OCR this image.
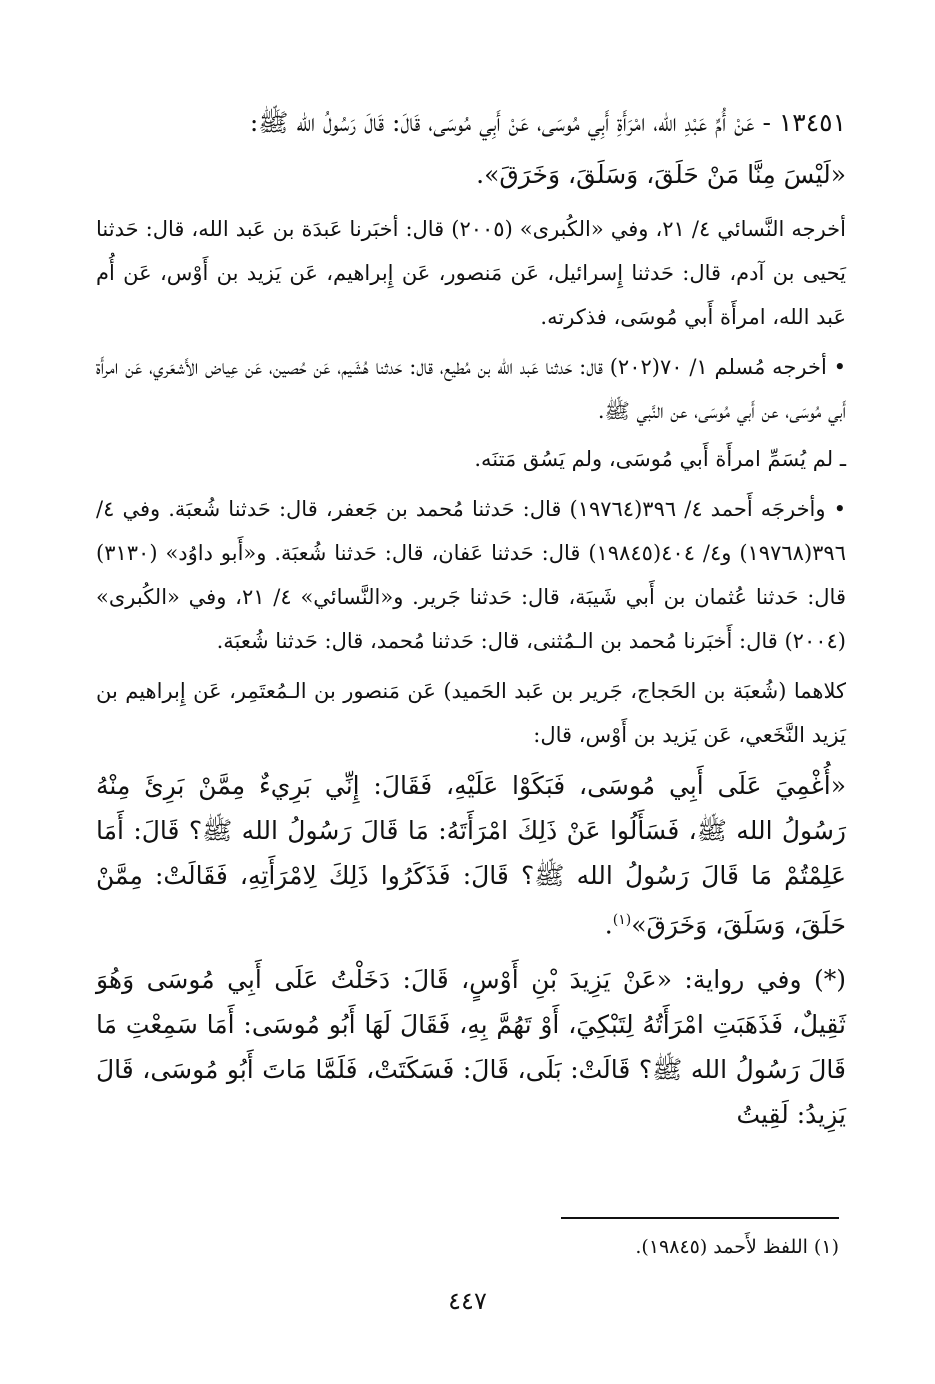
١٣٤٥١ - عَنْ أُمِّ عَبْدِ الله، امْرَأَةِ أَبِي مُوسَى، عَنْ أَبِي مُوسَى، قَالَ: قَالَ رَسُولُ الله ﷺ:

«لَيْسَ مِنَّا مَنْ حَلَقَ، وَسَلَقَ، وَخَرَقَ».

أخرجه النَّسائي ٤/ ٢١، وفي «الكُبرى» (٢٠٠٥) قال: أخبَرنا عَبدَة بن عَبد الله، قال: حَدثنا يَحيى بن آدم، قال: حَدثنا إِسرائيل، عَن مَنصور، عَن إِبراهيم، عَن يَزيد بن أَوْس، عَن أُم عَبد الله، امرأَة أَبي مُوسَى، فذكرته.

• أخرجه مُسلم ١/ ٧٠(٢٠٢) قال: حَدثنا عَبد الله بن مُطيع، قال: حَدثنا هُشَيم، عَن حُصين، عَن عِياض الأَشعَري، عَن امرأَة أَبي مُوسَى، عن أَبي مُوسَى، عن النَّبي ﷺ.

ـ لم يُسَمِّ امرأَة أَبي مُوسَى، ولم يَسُق مَتنَه.

• وأخرجَه أَحمد ٤/ ٣٩٦(١٩٧٦٤) قال: حَدثنا مُحمد بن جَعفر، قال: حَدثنا شُعبَة. وفي ٤/ ٣٩٦(١٩٧٦٨) و٤/ ٤٠٤(١٩٨٤٥) قال: حَدثنا عَفان، قال: حَدثنا شُعبَة. و«أَبو داوُد» (٣١٣٠) قال: حَدثنا عُثمان بن أَبي شَيبَة، قال: حَدثنا جَرير. و«النَّسائي» ٤/ ٢١، وفي «الكُبرى» (٢٠٠٤) قال: أَخبَرنا مُحمد بن الـمُثنى، قال: حَدثنا مُحمد، قال: حَدثنا شُعبَة.

كلاهما (شُعبَة بن الحَجاج، جَرير بن عَبد الحَميد) عَن مَنصور بن الـمُعتَمِر، عَن إِبراهيم بن يَزيد النَّخَعي، عَن يَزيد بن أَوْس، قال:

«أُغْمِيَ عَلَى أَبِي مُوسَى، فَبَكَوْا عَلَيْهِ، فَقَالَ: إِنِّي بَرِيءٌ مِمَّنْ بَرِئَ مِنْهُ رَسُولُ الله ﷺ، فَسَأَلُوا عَنْ ذَلِكَ امْرَأَتَهُ: مَا قَالَ رَسُولُ الله ﷺ؟ قَالَ: أَمَا عَلِمْتُمْ مَا قَالَ رَسُولُ الله ﷺ؟ قَالَ: فَذَكَرُوا ذَلِكَ لِامْرَأَتِهِ، فَقَالَتْ: مِمَّنْ حَلَقَ، وَسَلَقَ، وَخَرَقَ»$^{(١)}$.

(*) وفي رواية: «عَنْ يَزِيدَ بْنِ أَوْسٍ، قَالَ: دَخَلْتُ عَلَى أَبِي مُوسَى وَهُوَ ثَقِيلٌ، فَذَهَبَتِ امْرَأَتُهُ لِتَبْكِيَ، أَوْ تَهُمَّ بِهِ، فَقَالَ لَهَا أَبُو مُوسَى: أَمَا سَمِعْتِ مَا قَالَ رَسُولُ الله ﷺ؟ قَالَتْ: بَلَى، قَالَ: فَسَكَتَتْ، فَلَمَّا مَاتَ أَبُو مُوسَى، قَالَ يَزِيدُ: لَقِيتُ

(١) اللفظ لأَحمد (١٩٨٤٥).
٤٤٧
